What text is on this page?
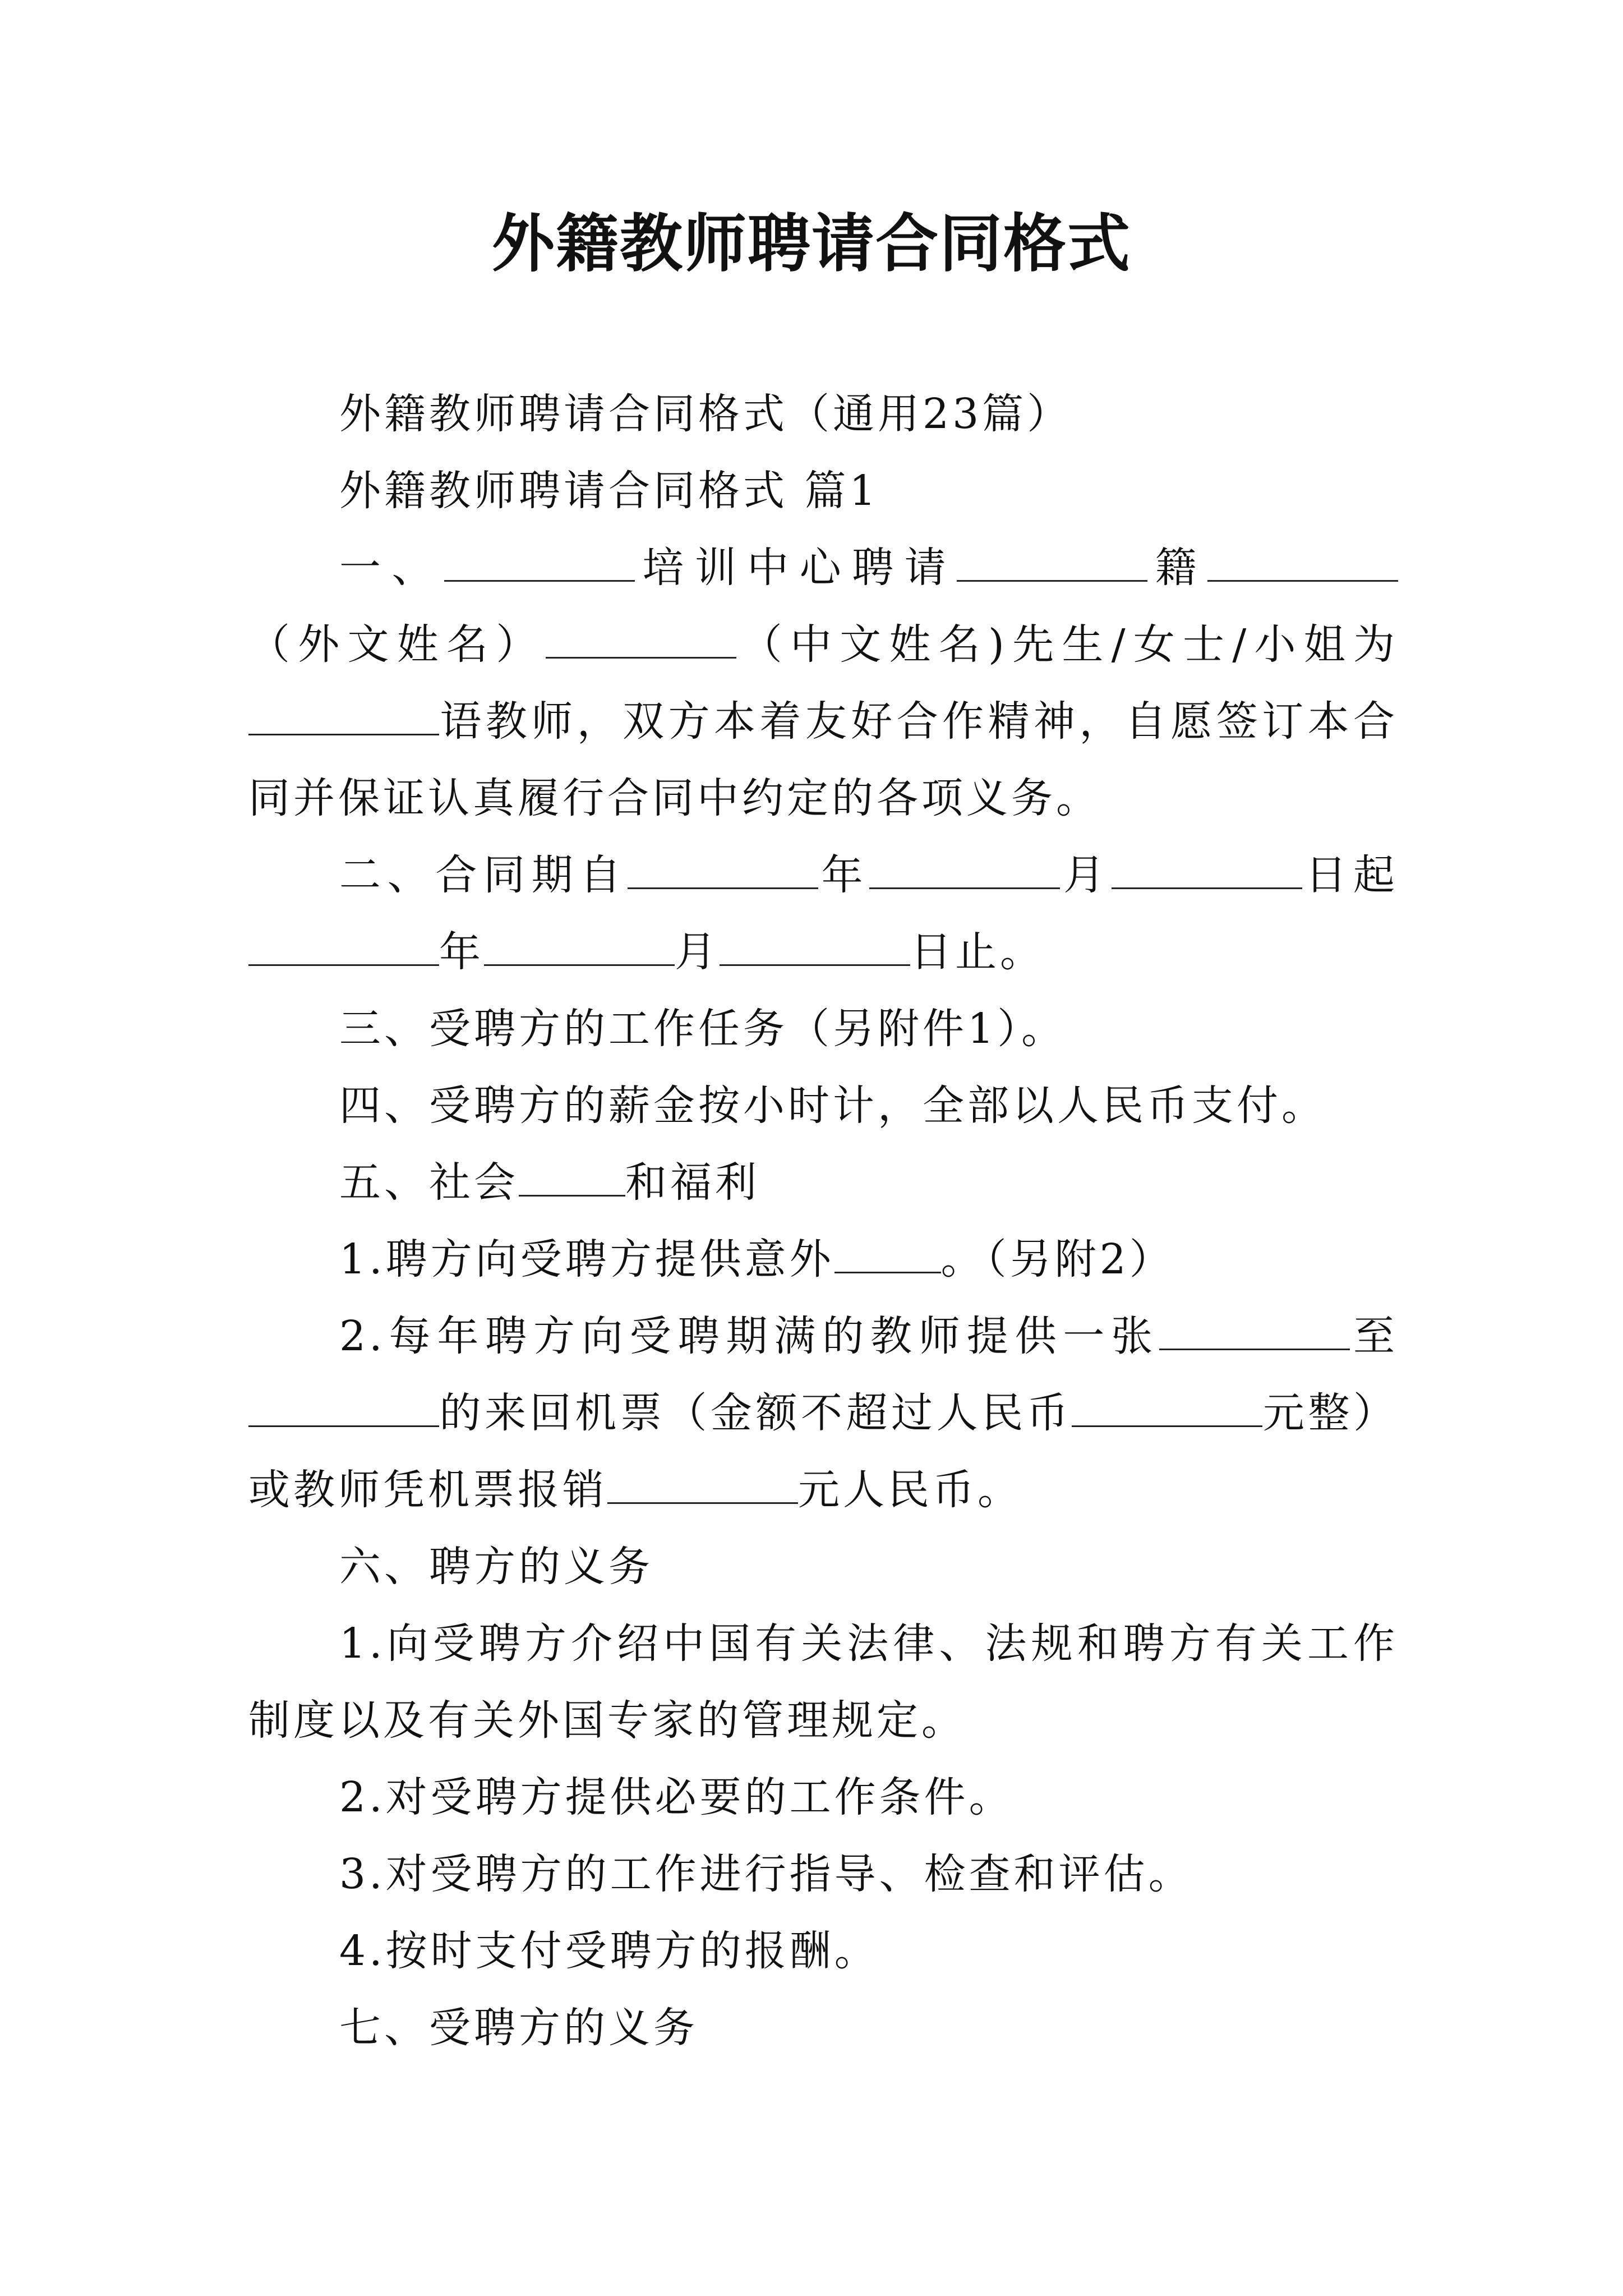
外籍教师聘请合同格式

外籍教师聘请合同格式（通用23篇）

外籍教师聘请合同格式 篇1

一、	培训中心聘请	籍（外文姓名）	（中文姓名)先生/女士/小姐为语教师，双方本着友好合作精神，自愿签订本合同并保证认真履行合同中约定的各项义务。

二、合同期自	年	月	日起年	月	日止。

三、受聘方的工作任务（另附件1）。

四、受聘方的薪金按小时计，全部以人民币支付。

五、社会	和福利

1.聘方向受聘方提供意外	。（另附2）

2.每年聘方向受聘期满的教师提供一张	至的来回机票（金额不超过人民币	元整）或教师凭机票报销	元人民币。

六、聘方的义务

1.向受聘方介绍中国有关法律、法规和聘方有关工作制度以及有关外国专家的管理规定。

2.对受聘方提供必要的工作条件。

3.对受聘方的工作进行指导、检查和评估。

4.按时支付受聘方的报酬。

七、受聘方的义务
